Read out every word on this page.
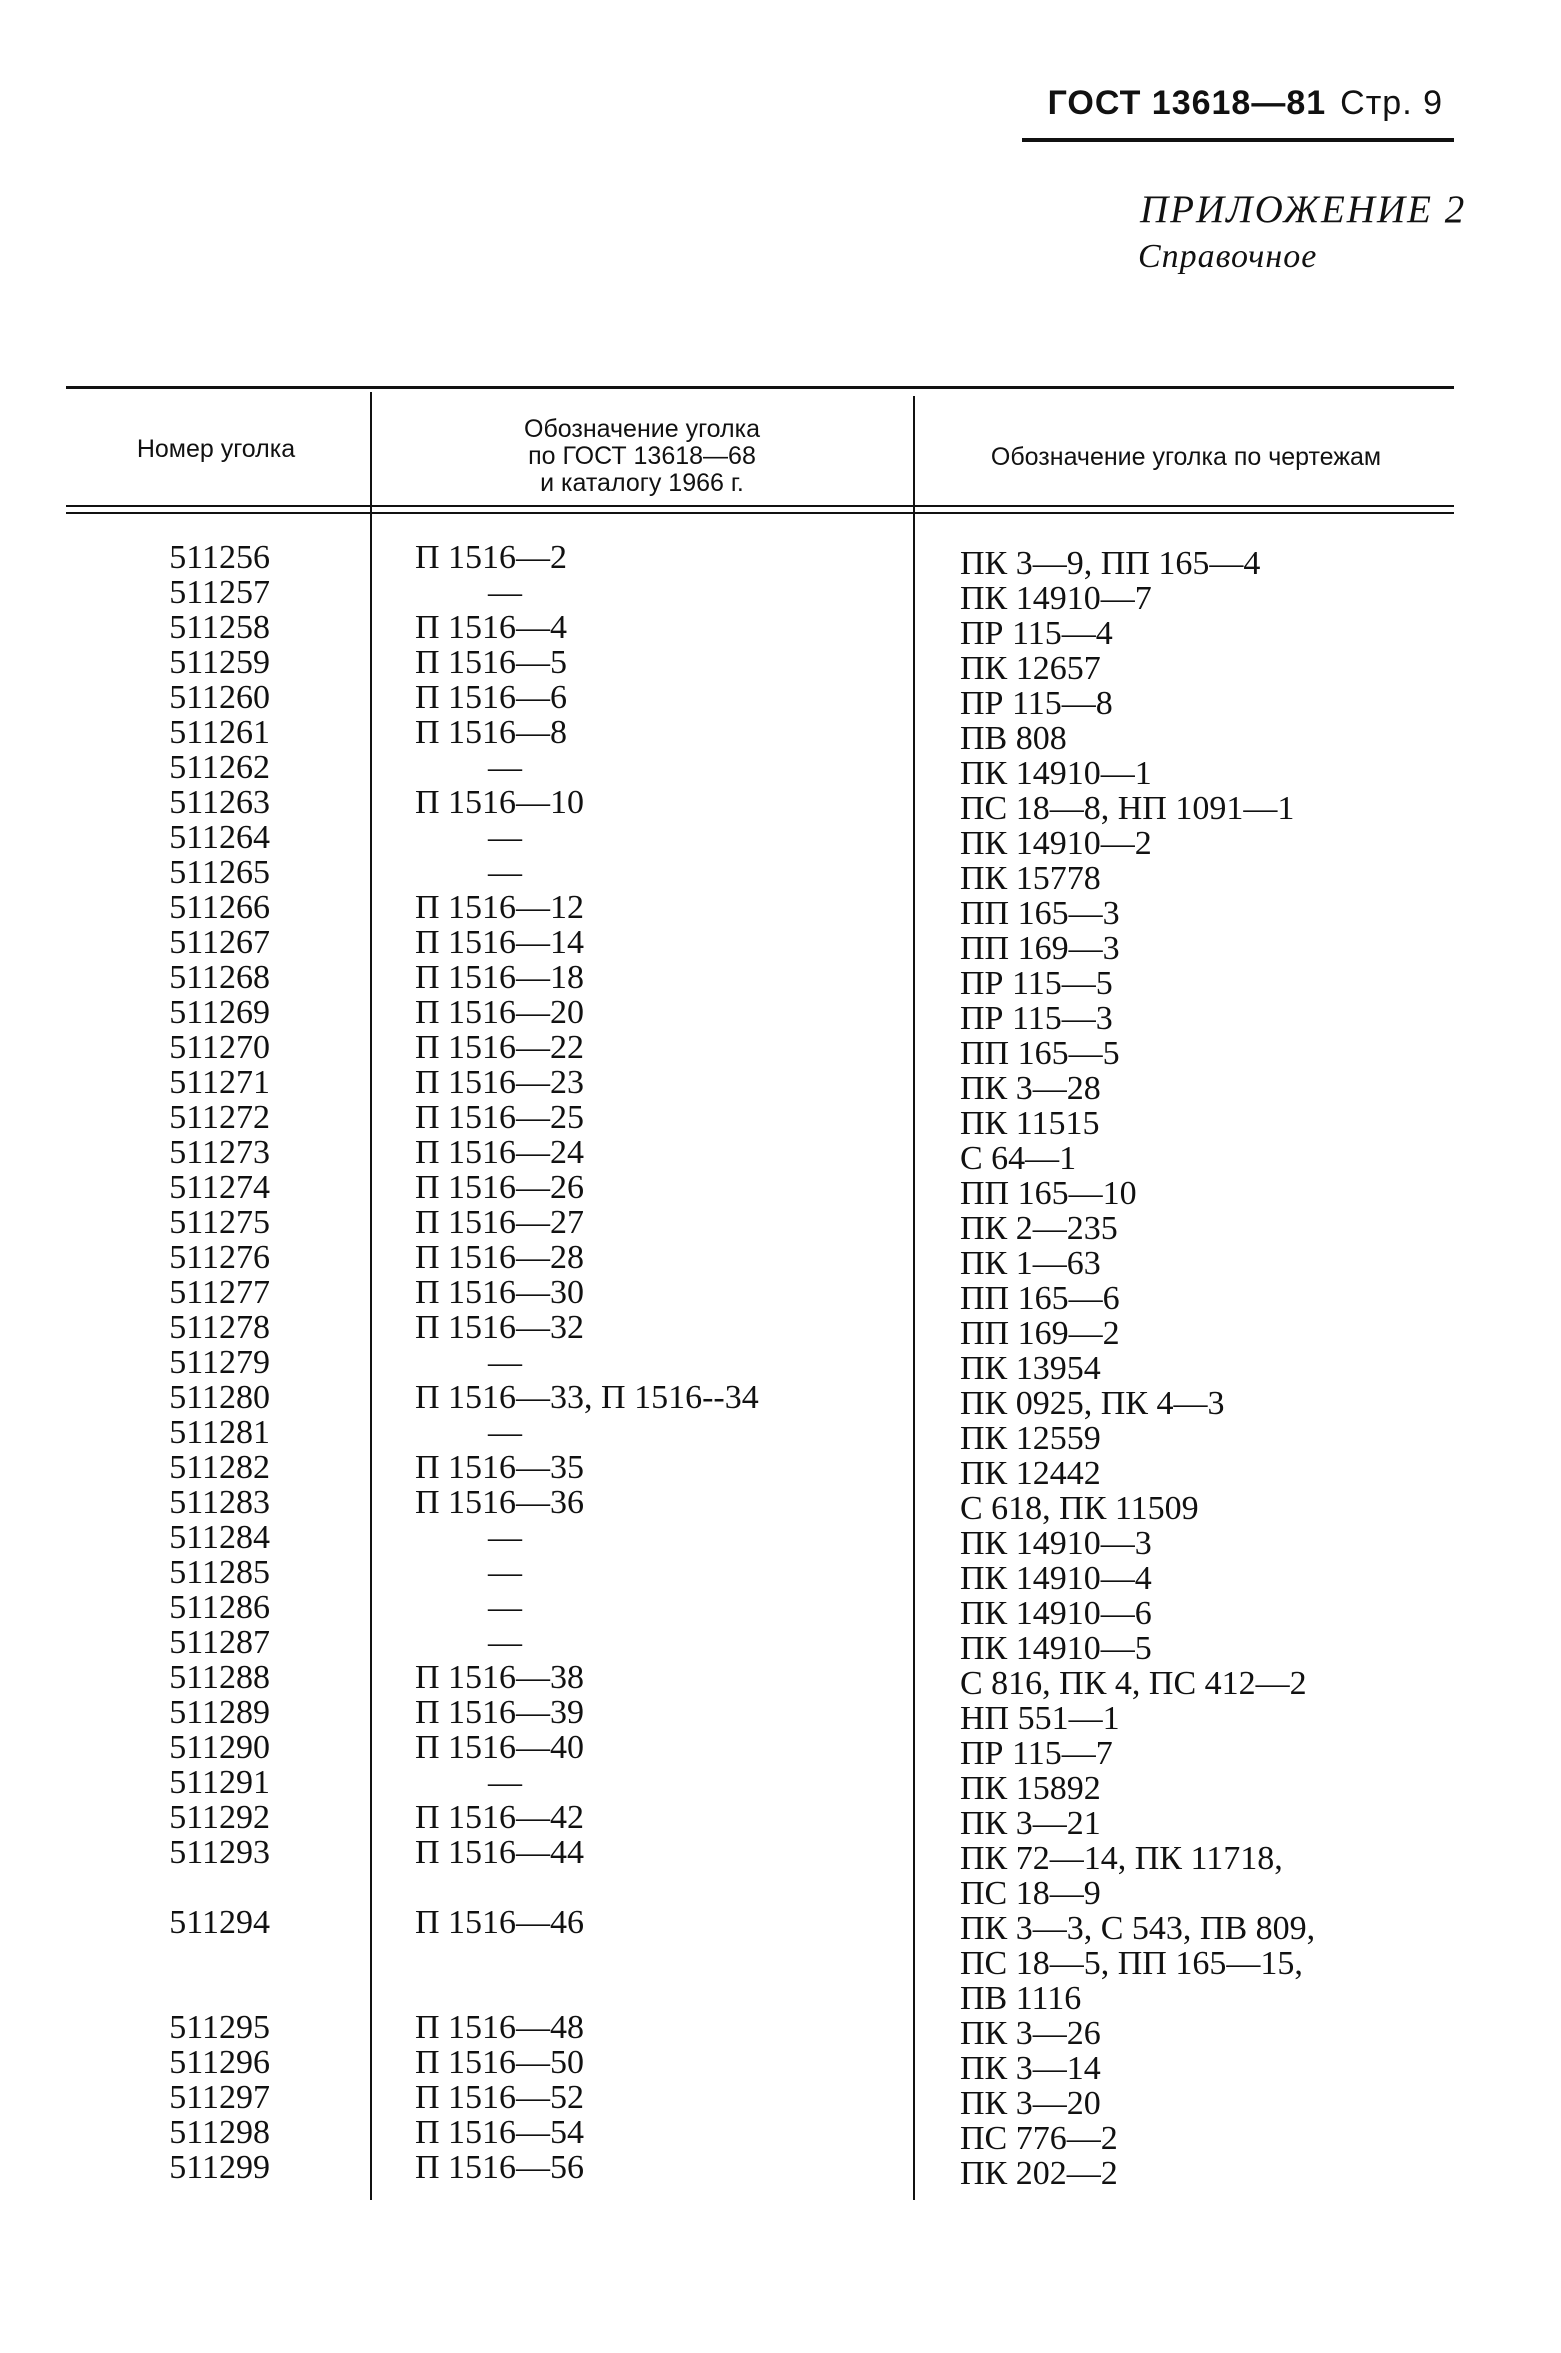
ГОСТ 13618—81 Стр. 9
ПРИЛОЖЕНИЕ 2
Справочное
Номер уголка
Обозначение уголка
по ГОСТ 13618—68
и каталогу 1966 г.
Обозначение уголка по чертежам
511256	П 1516—2	ПК 3—9, ПП 165—4
511257	—	ПК 14910—7
511258	П 1516—4	ПР 115—4
511259	П 1516—5	ПК 12657
511260	П 1516—6	ПР 115—8
511261	П 1516—8	ПВ 808
511262	—	ПК 14910—1
511263	П 1516—10	ПС 18—8, НП 1091—1
511264	—	ПК 14910—2
511265	—	ПК 15778
511266	П 1516—12	ПП 165—3
511267	П 1516—14	ПП 169—3
511268	П 1516—18	ПР 115—5
511269	П 1516—20	ПР 115—3
511270	П 1516—22	ПП 165—5
511271	П 1516—23	ПК 3—28
511272	П 1516—25	ПК 11515
511273	П 1516—24	С 64—1
511274	П 1516—26	ПП 165—10
511275	П 1516—27	ПК 2—235
511276	П 1516—28	ПК 1—63
511277	П 1516—30	ПП 165—6
511278	П 1516—32	ПП 169—2
511279	—	ПК 13954
511280	П 1516—33, П 1516--34	ПК 0925, ПК 4—3
511281	—	ПК 12559
511282	П 1516—35	ПК 12442
511283	П 1516—36	С 618, ПК 11509
511284	—	ПК 14910—3
511285	—	ПК 14910—4
511286	—	ПК 14910—6
511287	—	ПК 14910—5
511288	П 1516—38	С 816, ПК 4, ПС 412—2
511289	П 1516—39	НП 551—1
511290	П 1516—40	ПР 115—7
511291	—	ПК 15892
511292	П 1516—42	ПК 3—21
511293	П 1516—44	ПК 72—14, ПК 11718,
ПС 18—9
511294	П 1516—46	ПК 3—3, С 543, ПВ 809,
ПС 18—5, ПП 165—15,
ПВ 1116
511295	П 1516—48	ПК 3—26
511296	П 1516—50	ПК 3—14
511297	П 1516—52	ПК 3—20
511298	П 1516—54	ПС 776—2
511299	П 1516—56	ПК 202—2
